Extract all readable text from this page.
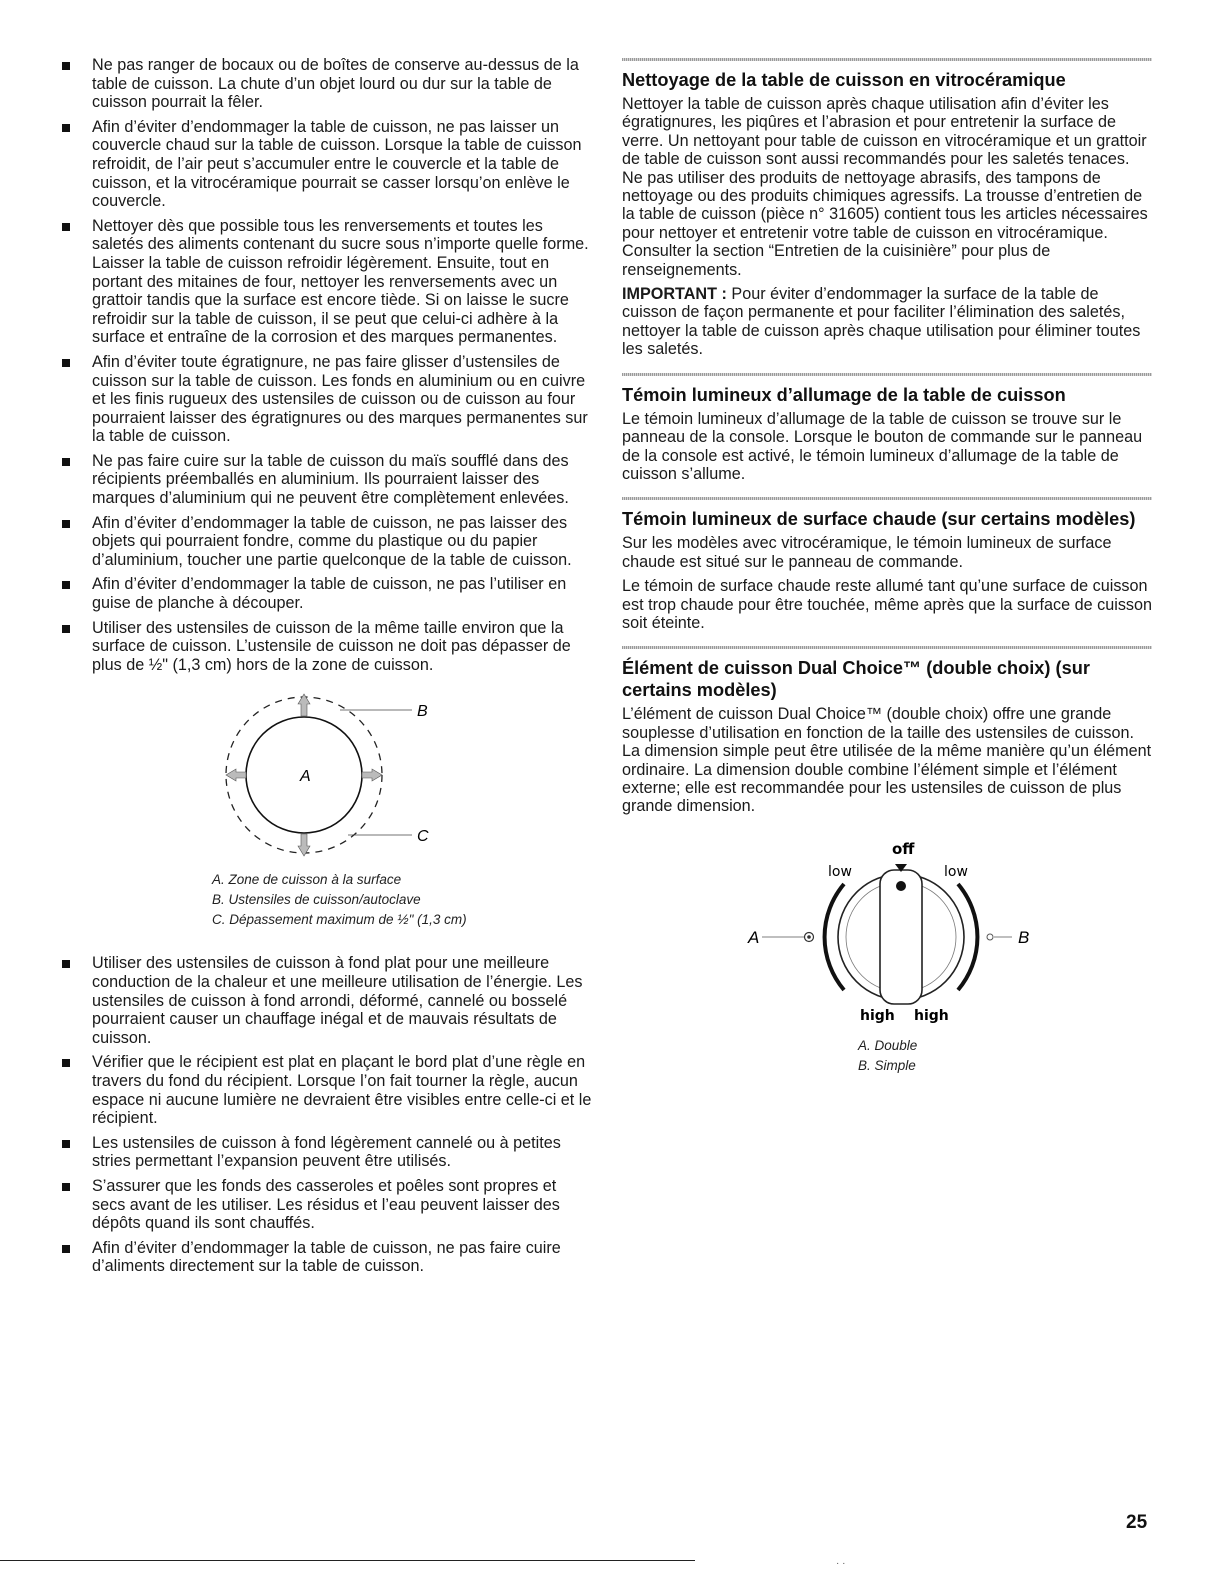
Ne pas ranger de bocaux ou de boîtes de conserve au-dessus de la table de cuisson. La chute d’un objet lourd ou dur sur la table de cuisson pourrait la fêler.
Afin d’éviter d’endommager la table de cuisson, ne pas laisser un couvercle chaud sur la table de cuisson. Lorsque la table de cuisson refroidit, de l’air peut s’accumuler entre le couvercle et la table de cuisson, et la vitrocéramique pourrait se casser lorsqu’on enlève le couvercle.
Nettoyer dès que possible tous les renversements et toutes les saletés des aliments contenant du sucre sous n’importe quelle forme. Laisser la table de cuisson refroidir légèrement. Ensuite, tout en portant des mitaines de four, nettoyer les renversements avec un grattoir tandis que la surface est encore tiède. Si on laisse le sucre refroidir sur la table de cuisson, il se peut que celui-ci adhère à la surface et entraîne de la corrosion et des marques permanentes.
Afin d’éviter toute égratignure, ne pas faire glisser d’ustensiles de cuisson sur la table de cuisson. Les fonds en aluminium ou en cuivre et les finis rugueux des ustensiles de cuisson ou de cuisson au four pourraient laisser des égratignures ou des marques permanentes sur la table de cuisson.
Ne pas faire cuire sur la table de cuisson du maïs soufflé dans des récipients préemballés en aluminium. Ils pourraient laisser des marques d’aluminium qui ne peuvent être complètement enlevées.
Afin d’éviter d’endommager la table de cuisson, ne pas laisser des objets qui pourraient fondre, comme du plastique ou du papier d’aluminium, toucher une partie quelconque de la table de cuisson.
Afin d’éviter d’endommager la table de cuisson, ne pas l’utiliser en guise de planche à découper.
Utiliser des ustensiles de cuisson de la même taille environ que la surface de cuisson. L’ustensile de cuisson ne doit pas dépasser de plus de ½" (1,3 cm) hors de la zone de cuisson.
A
B
C
A. Zone de cuisson à la surface
B. Ustensiles de cuisson/autoclave
C. Dépassement maximum de ½" (1,3 cm)
Utiliser des ustensiles de cuisson à fond plat pour une meilleure conduction de la chaleur et une meilleure utilisation de l’énergie. Les ustensiles de cuisson à fond arrondi, déformé, cannelé ou bosselé pourraient causer un chauffage inégal et de mauvais résultats de cuisson.
Vérifier que le récipient est plat en plaçant le bord plat d’une règle en travers du fond du récipient. Lorsque l’on fait tourner la règle, aucun espace ni aucune lumière ne devraient être visibles entre celle-ci et le récipient.
Les ustensiles de cuisson à fond légèrement cannelé ou à petites stries permettant l’expansion peuvent être utilisés.
S’assurer que les fonds des casseroles et poêles sont propres et secs avant de les utiliser. Les résidus et l’eau peuvent laisser des dépôts quand ils sont chauffés.
Afin d’éviter d’endommager la table de cuisson, ne pas faire cuire d’aliments directement sur la table de cuisson.
Nettoyage de la table de cuisson en vitrocéramique

Nettoyer la table de cuisson après chaque utilisation afin d’éviter les égratignures, les piqûres et l’abrasion et pour entretenir la surface de verre. Un nettoyant pour table de cuisson en vitrocéramique et un grattoir de table de cuisson sont aussi recommandés pour les saletés tenaces. Ne pas utiliser des produits de nettoyage abrasifs, des tampons de nettoyage ou des produits chimiques agressifs. La trousse d’entretien de la table de cuisson (pièce n° 31605) contient tous les articles nécessaires pour nettoyer et entretenir votre table de cuisson en vitrocéramique. Consulter la section “Entretien de la cuisinière” pour plus de renseignements.

IMPORTANT : Pour éviter d’endommager la surface de la table de cuisson de façon permanente et pour faciliter l’élimination des saletés, nettoyer la table de cuisson après chaque utilisation pour éliminer toutes les saletés.

Témoin lumineux d’allumage de la table de cuisson

Le témoin lumineux d’allumage de la table de cuisson se trouve sur le panneau de la console. Lorsque le bouton de commande sur le panneau de la console est activé, le témoin lumineux d’allumage de la table de cuisson s’allume.

Témoin lumineux de surface chaude (sur certains modèles)

Sur les modèles avec vitrocéramique, le témoin lumineux de surface chaude est situé sur le panneau de commande.

Le témoin de surface chaude reste allumé tant qu’une surface de cuisson est trop chaude pour être touchée, même après que la surface de cuisson soit éteinte.

Élément de cuisson Dual Choice™ (double choix) (sur certains modèles)

L’élément de cuisson Dual Choice™ (double choix) offre une grande souplesse d’utilisation en fonction de la taille des ustensiles de cuisson. La dimension simple peut être utilisée de la même manière qu’un élément ordinaire. La dimension double combine l’élément simple et l’élément externe; elle est recommandée pour les ustensiles de cuisson de plus grande dimension.

off
low	low
high high
A	B
A. Double
B. Simple
25
· ·
